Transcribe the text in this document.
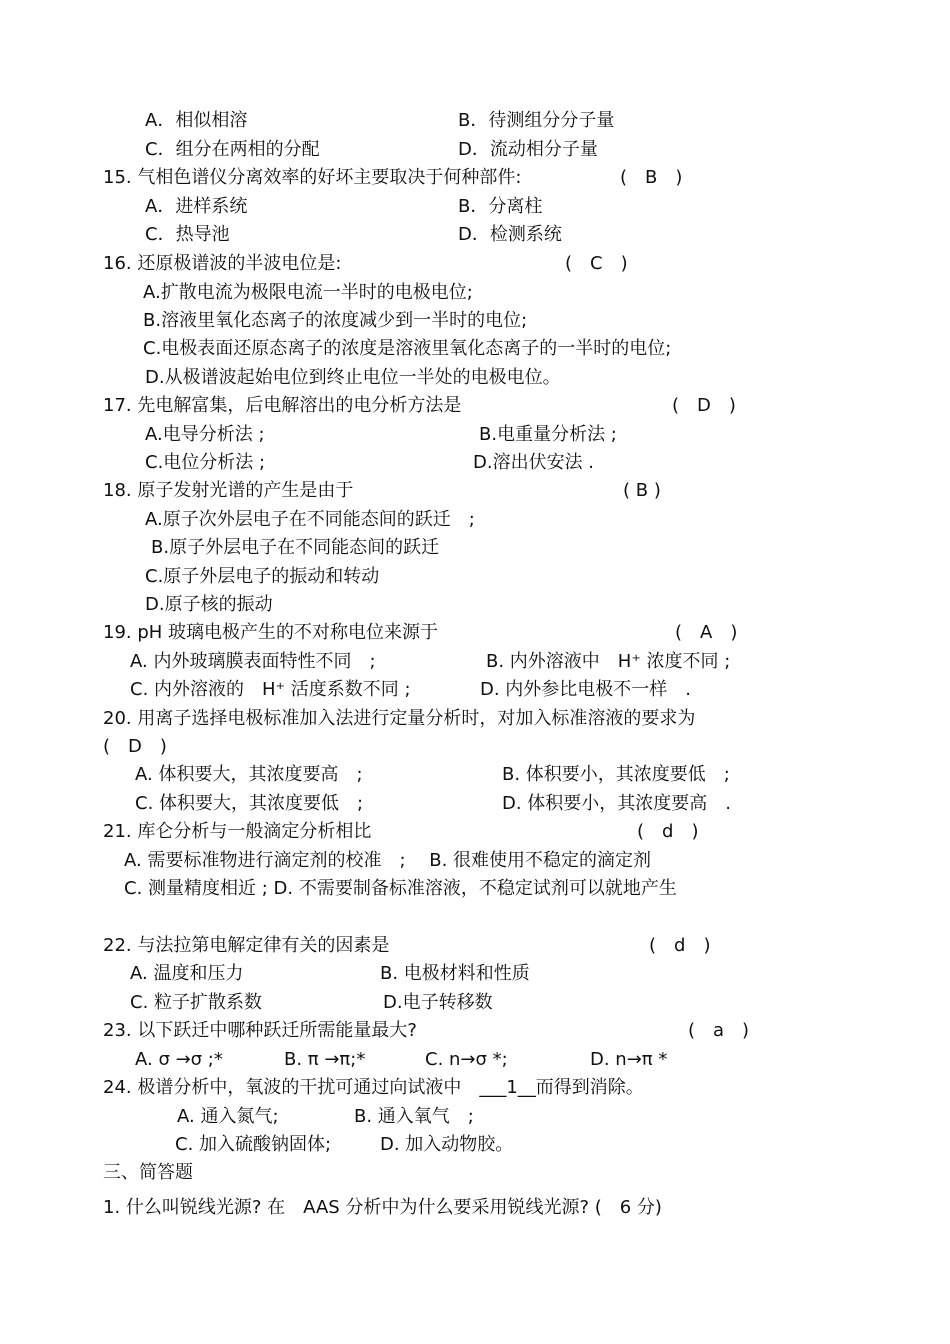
A．相似相溶	B．待测组分分子量
C．组分在两相的分配	D．流动相分子量
15. 气相色谱仪分离效率的好坏主要取决于何种部件:	(　B　)
A．进样系统	B．分离柱
C．热导池	D．检测系统
16. 还原极谱波的半波电位是:	(　C　)
A.扩散电流为极限电流一半时的电极电位;
B.溶液里氧化态离子的浓度减少到一半时的电位;
C.电极表面还原态离子的浓度是溶液里氧化态离子的一半时的电位;
D.从极谱波起始电位到终止电位一半处的电极电位。
17. 先电解富集，后电解溶出的电分析方法是	(　D　)
A.电导分析法 ;	B.电重量分析法 ;
C.电位分析法 ;	D.溶出伏安法 .
18. 原子发射光谱的产生是由于	( B )
A.原子次外层电子在不同能态间的跃迁　;
B.原子外层电子在不同能态间的跃迁
C.原子外层电子的振动和转动
D.原子核的振动
19. pH 玻璃电极产生的不对称电位来源于	(　A　)
A. 内外玻璃膜表面特性不同　;	B. 内外溶液中　H⁺ 浓度不同 ;
C. 内外溶液的　H⁺ 活度系数不同 ;	D. 内外参比电极不一样　.
20. 用离子选择电极标准加入法进行定量分析时，对加入标准溶液的要求为
(　D　)
A. 体积要大，其浓度要高　;	B. 体积要小，其浓度要低　;
C. 体积要大，其浓度要低　;	D. 体积要小，其浓度要高　.
21. 库仑分析与一般滴定分析相比	(　d　)
A. 需要标准物进行滴定剂的校准　; 　B. 很难使用不稳定的滴定剂
C. 测量精度相近 ; D. 不需要制备标准溶液，不稳定试剂可以就地产生
22. 与法拉第电解定律有关的因素是	(　d　)
A. 温度和压力	B. 电极材料和性质
C. 粒子扩散系数	D.电子转移数
23. 以下跃迁中哪种跃迁所需能量最大?	(　a　)
A. σ →σ ;*	B. π →π;*	C. n→σ *;	D. n→π *
24. 极谱分析中，氧波的干扰可通过向试液中　___1__而得到消除。
A. 通入氮气;	B. 通入氧气　;
C. 加入硫酸钠固体;	D. 加入动物胶。
三、简答题
1. 什么叫锐线光源? 在　AAS 分析中为什么要采用锐线光源? (　6 分)
